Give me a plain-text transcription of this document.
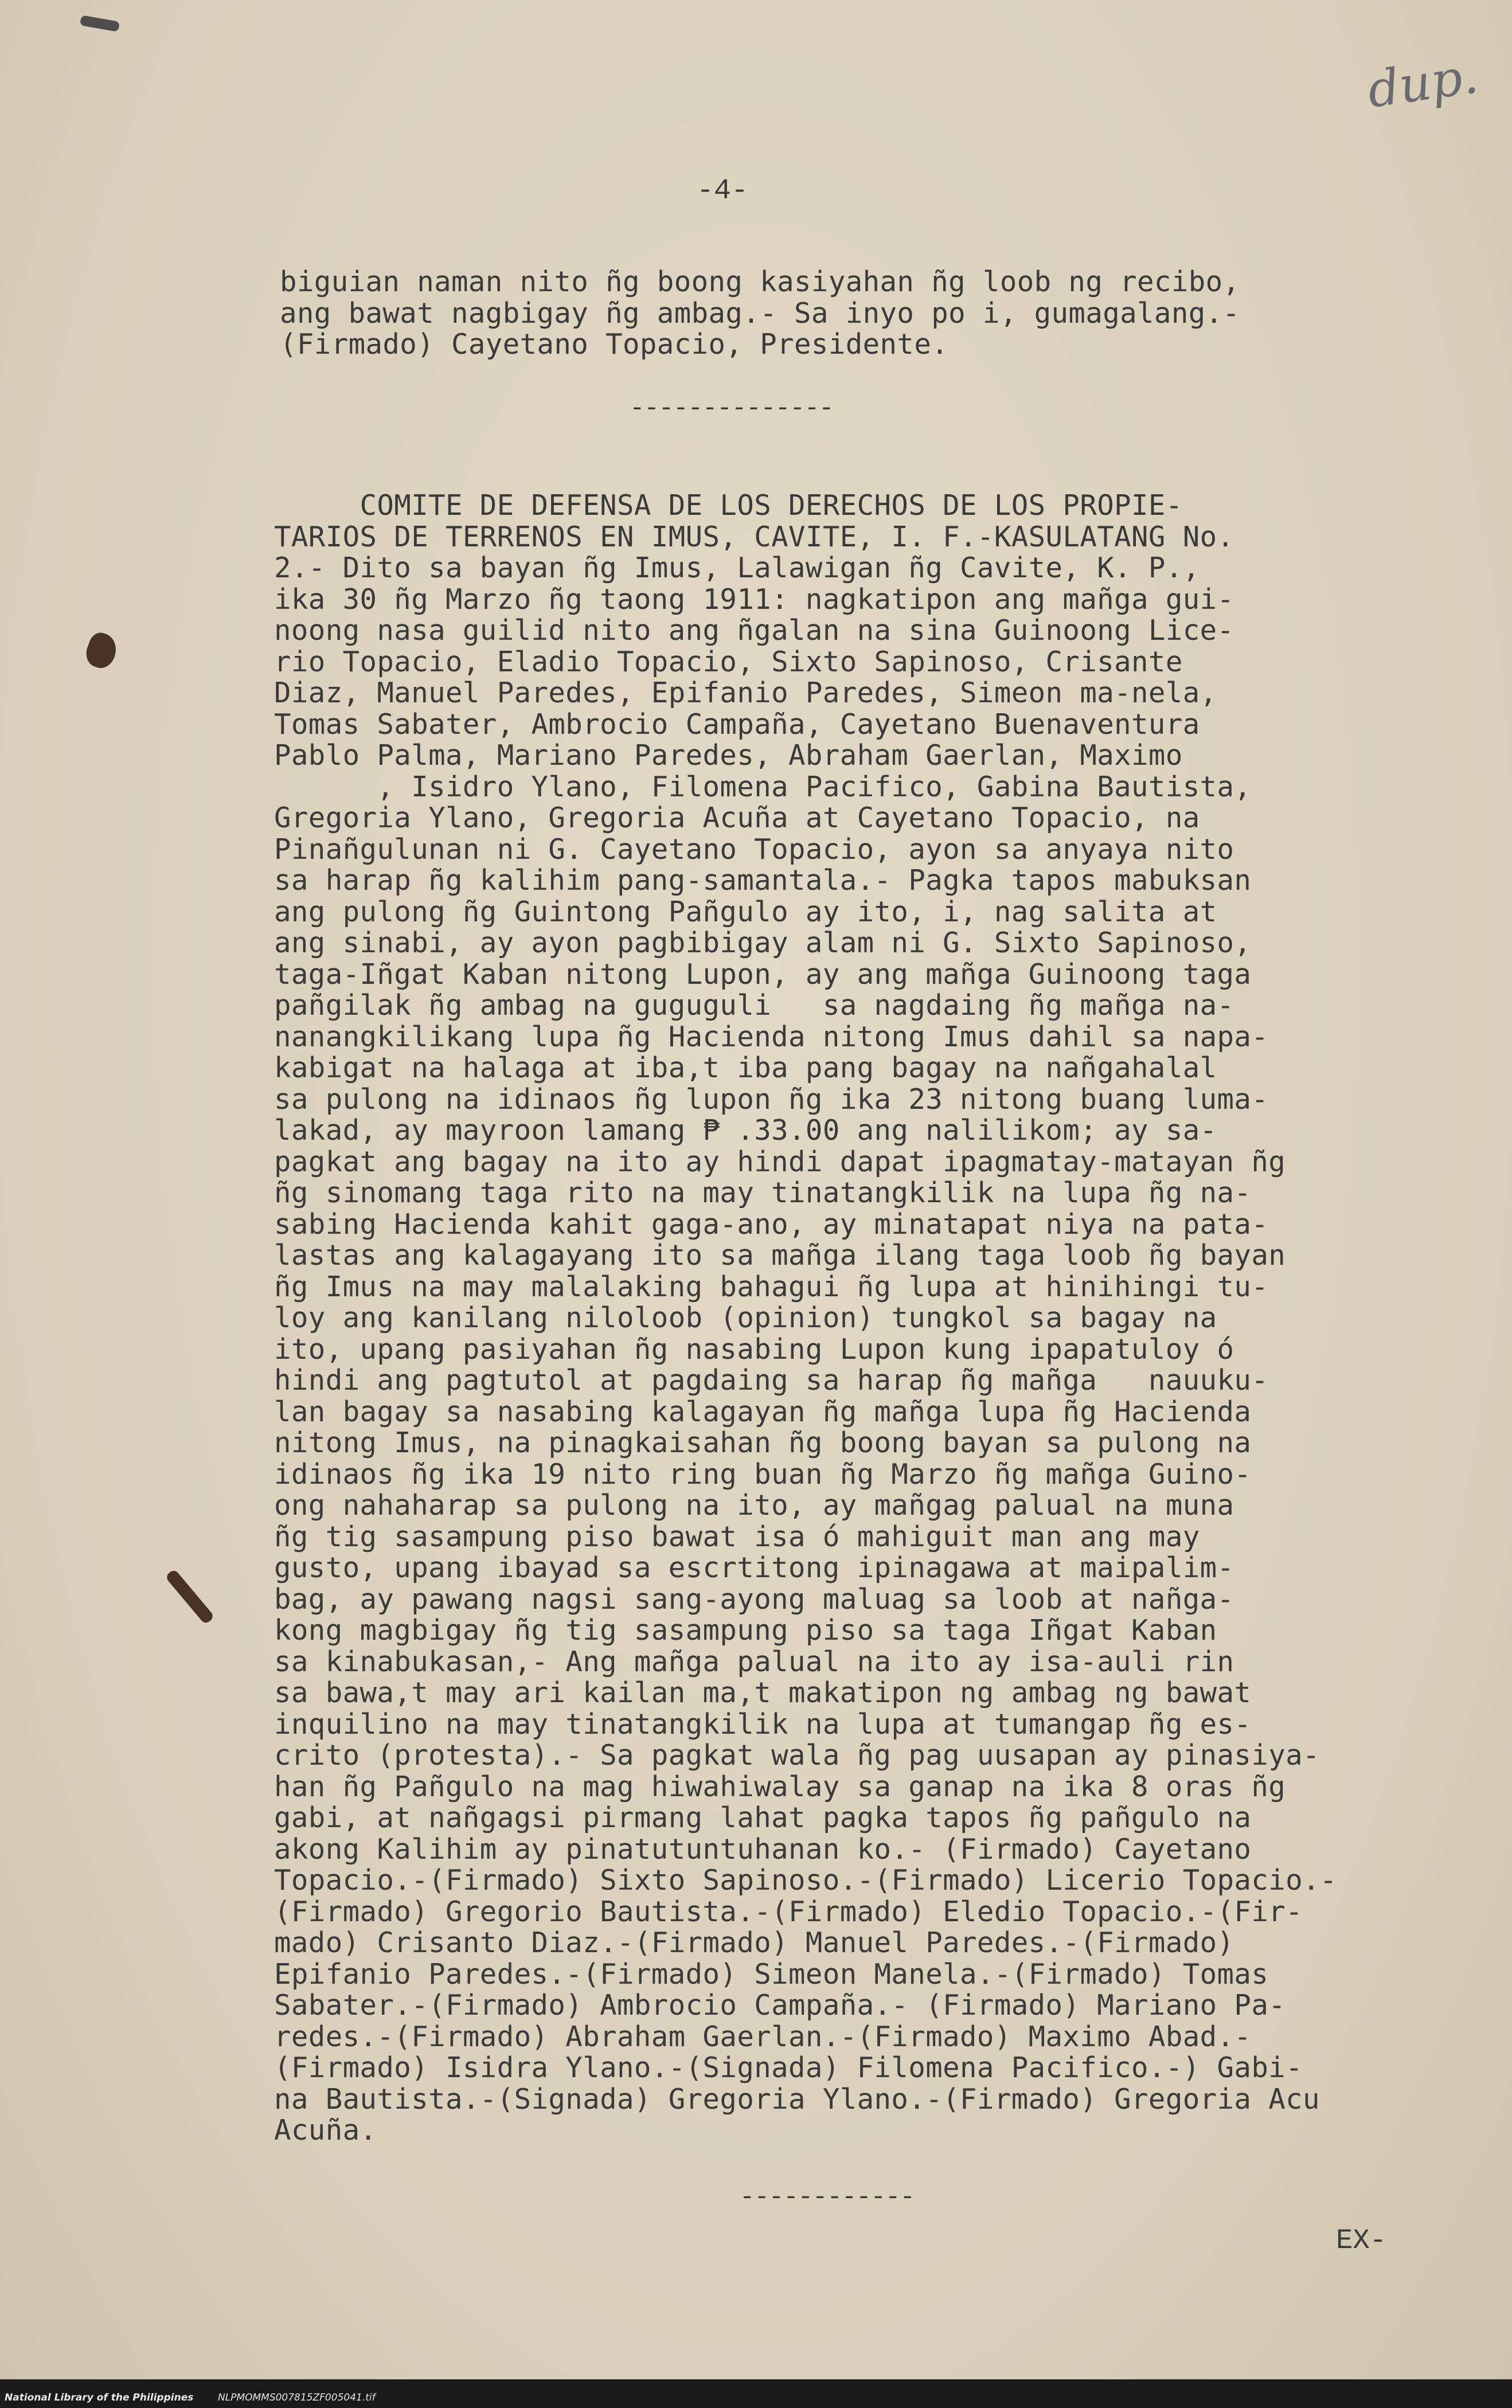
dup.
-4-
biguian naman nito ñg boong kasiyahan ñg loob ng recibo,
ang bawat nagbigay ñg ambag.- Sa inyo po i, gumagalang.-
(Firmado) Cayetano Topacio, Presidente.
--------------
COMITE DE DEFENSA DE LOS DERECHOS DE LOS PROPIE-
TARIOS DE TERRENOS EN IMUS, CAVITE, I. F.-KASULATANG No.
2.- Dito sa bayan ñg Imus, Lalawigan ñg Cavite, K. P.,
ika 30 ñg Marzo ñg taong 1911: nagkatipon ang mañga gui-
noong nasa guilid nito ang ñgalan na sina Guinoong Lice-
rio Topacio, Eladio Topacio, Sixto Sapinoso, Crisante
Diaz, Manuel Paredes, Epifanio Paredes, Simeon ma-nela,
Tomas Sabater, Ambrocio Campaña, Cayetano Buenaventura
Pablo Palma, Mariano Paredes, Abraham Gaerlan, Maximo
, Isidro Ylano, Filomena Pacifico, Gabina Bautista,
Gregoria Ylano, Gregoria Acuña at Cayetano Topacio, na
Pinañgulunan ni G. Cayetano Topacio, ayon sa anyaya nito
sa harap ñg kalihim pang-samantala.- Pagka tapos mabuksan
ang pulong ñg Guintong Pañgulo ay ito, i, nag salita at
ang sinabi, ay ayon pagbibigay alam ni G. Sixto Sapinoso,
taga-Iñgat Kaban nitong Lupon, ay ang mañga Guinoong taga
pañgilak ñg ambag na guguguli   sa nagdaing ñg mañga na-
nanangkilikang lupa ñg Hacienda nitong Imus dahil sa napa-
kabigat na halaga at iba,t iba pang bagay na nañgahalal
sa pulong na idinaos ñg lupon ñg ika 23 nitong buang luma-
lakad, ay mayroon lamang ₱ .33.00 ang nalilikom; ay sa-
pagkat ang bagay na ito ay hindi dapat ipagmatay-matayan ñg
ñg sinomang taga rito na may tinatangkilik na lupa ñg na-
sabing Hacienda kahit gaga-ano, ay minatapat niya na pata-
lastas ang kalagayang ito sa mañga ilang taga loob ñg bayan
ñg Imus na may malalaking bahagui ñg lupa at hinihingi tu-
loy ang kanilang niloloob (opinion) tungkol sa bagay na
ito, upang pasiyahan ñg nasabing Lupon kung ipapatuloy ó
hindi ang pagtutol at pagdaing sa harap ñg mañga   nauuku-
lan bagay sa nasabing kalagayan ñg mañga lupa ñg Hacienda
nitong Imus, na pinagkaisahan ñg boong bayan sa pulong na
idinaos ñg ika 19 nito ring buan ñg Marzo ñg mañga Guino-
ong nahaharap sa pulong na ito, ay mañgag palual na muna
ñg tig sasampung piso bawat isa ó mahiguit man ang may
gusto, upang ibayad sa escrtitong ipinagawa at maipalim-
bag, ay pawang nagsi sang-ayong maluag sa loob at nañga-
kong magbigay ñg tig sasampung piso sa taga Iñgat Kaban
sa kinabukasan,- Ang mañga palual na ito ay isa-auli rin
sa bawa,t may ari kailan ma,t makatipon ng ambag ng bawat
inquilino na may tinatangkilik na lupa at tumangap ñg es-
crito (protesta).- Sa pagkat wala ñg pag uusapan ay pinasiya-
han ñg Pañgulo na mag hiwahiwalay sa ganap na ika 8 oras ñg
gabi, at nañgagsi pirmang lahat pagka tapos ñg pañgulo na
akong Kalihim ay pinatutuntuhanan ko.- (Firmado) Cayetano
Topacio.-(Firmado) Sixto Sapinoso.-(Firmado) Licerio Topacio.-
(Firmado) Gregorio Bautista.-(Firmado) Eledio Topacio.-(Fir-
mado) Crisanto Diaz.-(Firmado) Manuel Paredes.-(Firmado)
Epifanio Paredes.-(Firmado) Simeon Manela.-(Firmado) Tomas
Sabater.-(Firmado) Ambrocio Campaña.- (Firmado) Mariano Pa-
redes.-(Firmado) Abraham Gaerlan.-(Firmado) Maximo Abad.-
(Firmado) Isidra Ylano.-(Signada) Filomena Pacifico.-) Gabi-
na Bautista.-(Signada) Gregoria Ylano.-(Firmado) Gregoria Acu
Acuña.
------------
EX-
National Library of the Philippines	NLPMOMMS007815ZF005041.tif
